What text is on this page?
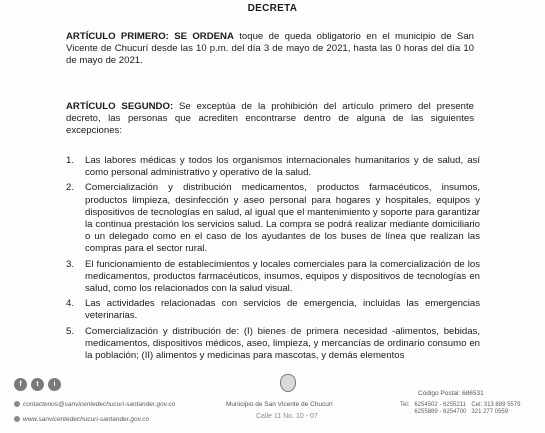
DECRETA

ARTÍCULO PRIMERO: SE ORDENA toque de queda obligatorio en el municipio de San Vicente de Chucurí desde las 10 p.m. del día 3 de mayo de 2021, hasta las 0 horas del día 10 de mayo de 2021.

ARTÍCULO SEGUNDO: Se exceptúa de la prohibición del artículo primero del presente decreto, las personas que acrediten encontrarse dentro de alguna de las siguientes excepciones:

1. Las labores médicas y todos los organismos internacionales humanitarios y de salud, así como personal administrativo y operativo de la salud.
2. Comercialización y distribución medicamentos, productos farmacéuticos, insumos, productos limpieza, desinfección y aseo personal para hogares y hospitales, equipos y dispositivos de tecnologías en salud, al igual que el mantenimiento y soporte para garantizar la continua prestación los servicios salud. La compra se podrá realizar mediante domiciliario o un delegado como en el caso de los ayudantes de los buses de línea que realizan las compras para el sector rural.
3. El funcionamiento de establecimientos y locales comerciales para la comercialización de los medicamentos, productos farmacéuticos, insumos, equipos y dispositivos de tecnologías en salud, como los relacionados con la salud visual.
4. Las actividades relacionadas con servicios de emergencia, incluidas las emergencias veterinarias.
5. Comercialización y distribución de: (I) bienes de primera necesidad -alimentos, bebidas, medicamentos, dispositivos médicos, aseo, limpieza, y mercancías de ordinario consumo en la población; (II) alimentos y medicinas para mascotas, y demás elementos
f	t	i
contactenos@sanvicentedechucuri-santander.gov.co
www.sanvicentedechucuri-santander.gov.co
Municipio de San Vicente de Chucurí
Calle 11 No. 10 - 07
Código Postal: 686531
Tel: 6254502 - 6255211
6255889 - 6254700Cel: 313 889 5579
321 277 0559
